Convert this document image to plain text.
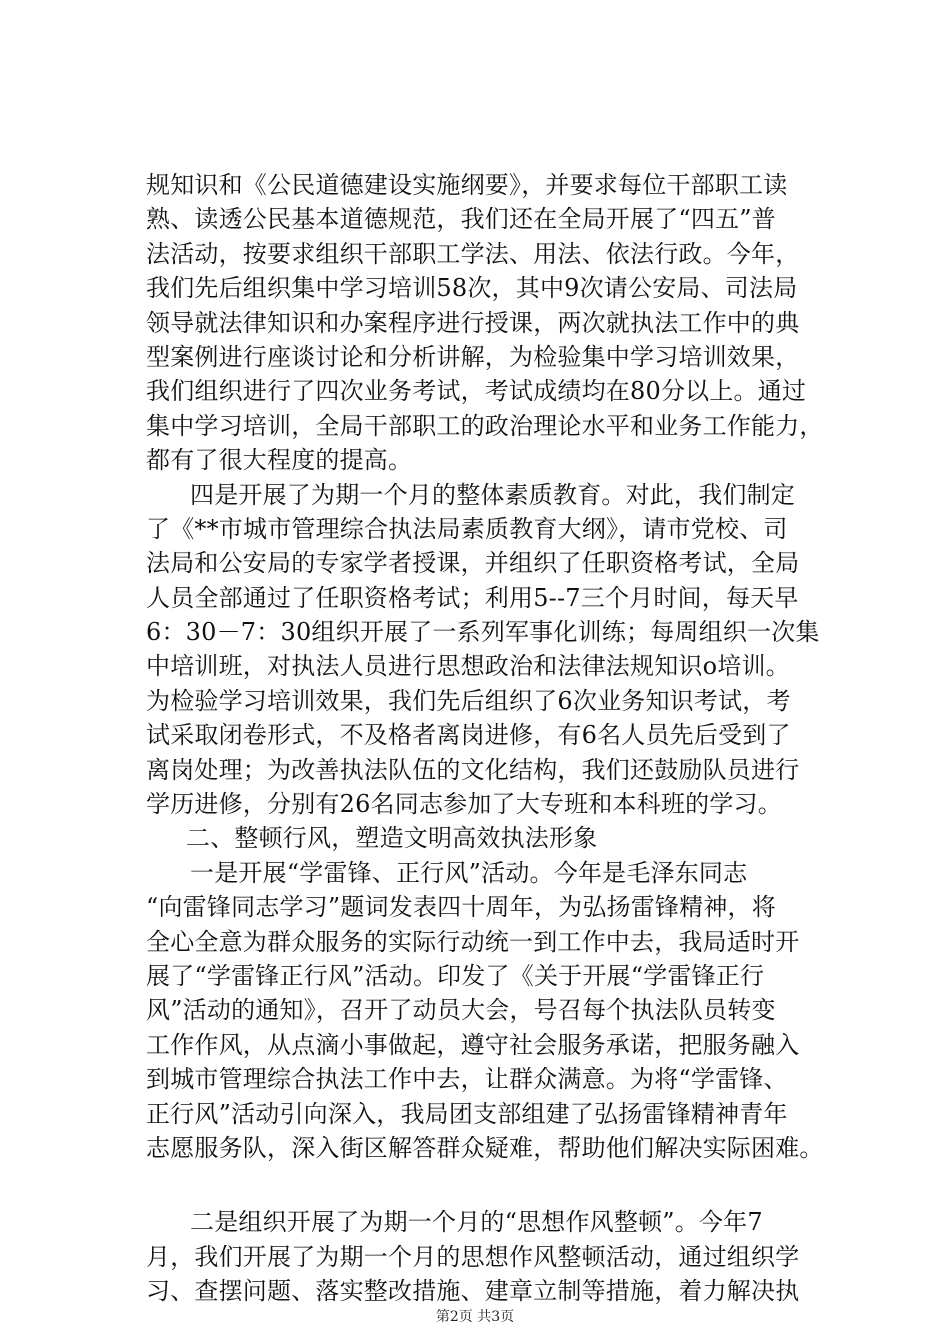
规知识和《公民道德建设实施纲要》，并要求每位干部职工读
熟、读透公民基本道德规范，我们还在全局开展了“四五”普
法活动，按要求组织干部职工学法、用法、依法行政。今年，
我们先后组织集中学习培训58次，其中9次请公安局、司法局
领导就法律知识和办案程序进行授课，两次就执法工作中的典
型案例进行座谈讨论和分析讲解，为检验集中学习培训效果，
我们组织进行了四次业务考试，考试成绩均在80分以上。通过
集中学习培训，全局干部职工的政治理论水平和业务工作能力，
都有了很大程度的提高。
四是开展了为期一个月的整体素质教育。对此，我们制定
了《**市城市管理综合执法局素质教育大纲》，请市党校、司
法局和公安局的专家学者授课，并组织了任职资格考试，全局
人员全部通过了任职资格考试；利用5--7三个月时间，每天早
6：30－7：30组织开展了一系列军事化训练；每周组织一次集
中培训班，对执法人员进行思想政治和法律法规知识o培训。
为检验学习培训效果，我们先后组织了6次业务知识考试，考
试采取闭卷形式，不及格者离岗进修，有6名人员先后受到了
离岗处理；为改善执法队伍的文化结构，我们还鼓励队员进行
学历进修，分别有26名同志参加了大专班和本科班的学习。
二、整顿行风，塑造文明高效执法形象
一是开展“学雷锋、正行风”活动。今年是毛泽东同志
“向雷锋同志学习”题词发表四十周年，为弘扬雷锋精神，将
全心全意为群众服务的实际行动统一到工作中去，我局适时开
展了“学雷锋正行风”活动。印发了《关于开展“学雷锋正行
风”活动的通知》，召开了动员大会，号召每个执法队员转变
工作作风，从点滴小事做起，遵守社会服务承诺，把服务融入
到城市管理综合执法工作中去，让群众满意。为将“学雷锋、
正行风”活动引向深入，我局团支部组建了弘扬雷锋精神青年
志愿服务队，深入街区解答群众疑难，帮助他们解决实际困难。
二是组织开展了为期一个月的“思想作风整顿”。今年7
月，我们开展了为期一个月的思想作风整顿活动，通过组织学
习、查摆问题、落实整改措施、建章立制等措施，着力解决执
第2页 共3页
